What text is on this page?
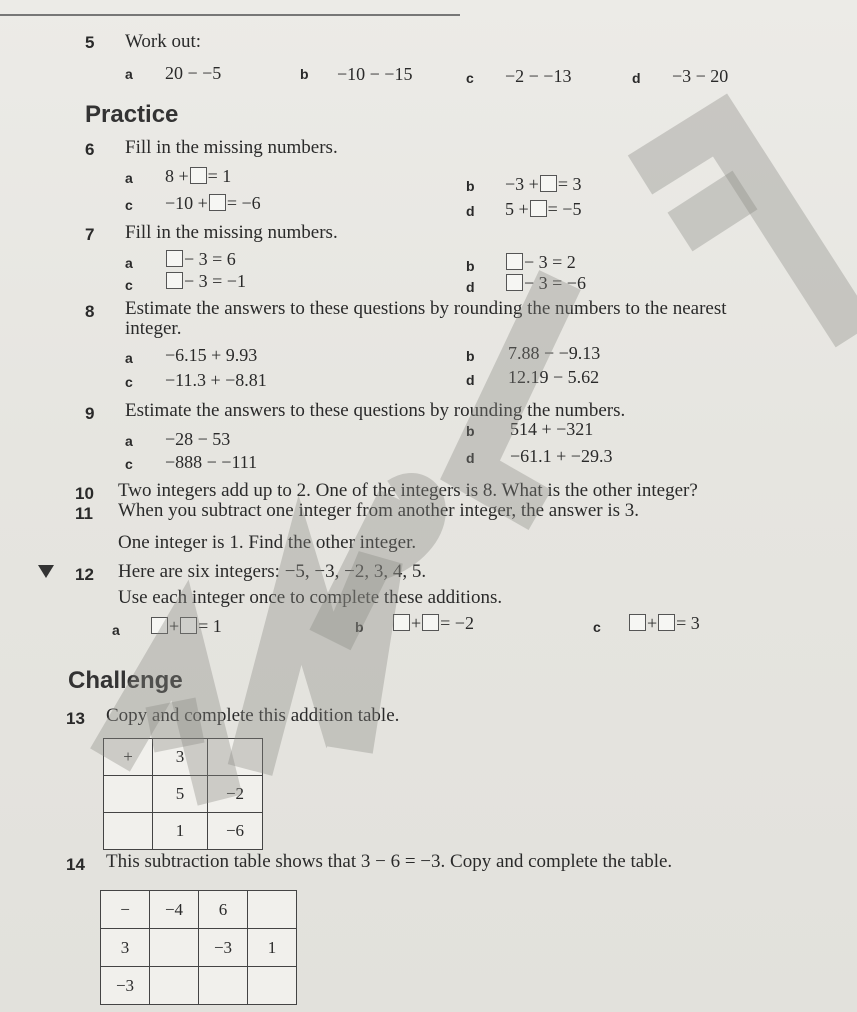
5 Work out:
a 20 − −5	b −10 − −15	c −2 − −13	d −3 − 20
Practice
6 Fill in the missing numbers.
a 8 + = 1	b −3 + = 3
c −10 + = −6	d 5 + = −5
7 Fill in the missing numbers.
a	− 3 = 6	b	− 3 = 2
c	− 3 = −1	d	− 3 = −6
8 Estimate the answers to these questions by rounding the numbers to the nearest
integer.
a −6.15 + 9.93	b 7.88 − −9.13
c −11.3 + −8.81	d 12.19 − 5.62
9 Estimate the answers to these questions by rounding the numbers.
a −28 − 53	b 514 + −321
c −888 − −111	d −61.1 + −29.3
10 Two integers add up to 2. One of the integers is 8. What is the other integer?
11 When you subtract one integer from another integer, the answer is 3.
One integer is 1. Find the other integer.
12 Here are six integers: −5, −3, −2, 3, 4, 5.
Use each integer once to complete these additions.
a	+ = 1	b	+ = −2	c	+ = 3
Challenge
13 Copy and complete this addition table.
+	3	
	5	−2
	1	−6
14 This subtraction table shows that 3 − 6 = −3. Copy and complete the table.
−	−4	6	
3		−3	1
−3			
